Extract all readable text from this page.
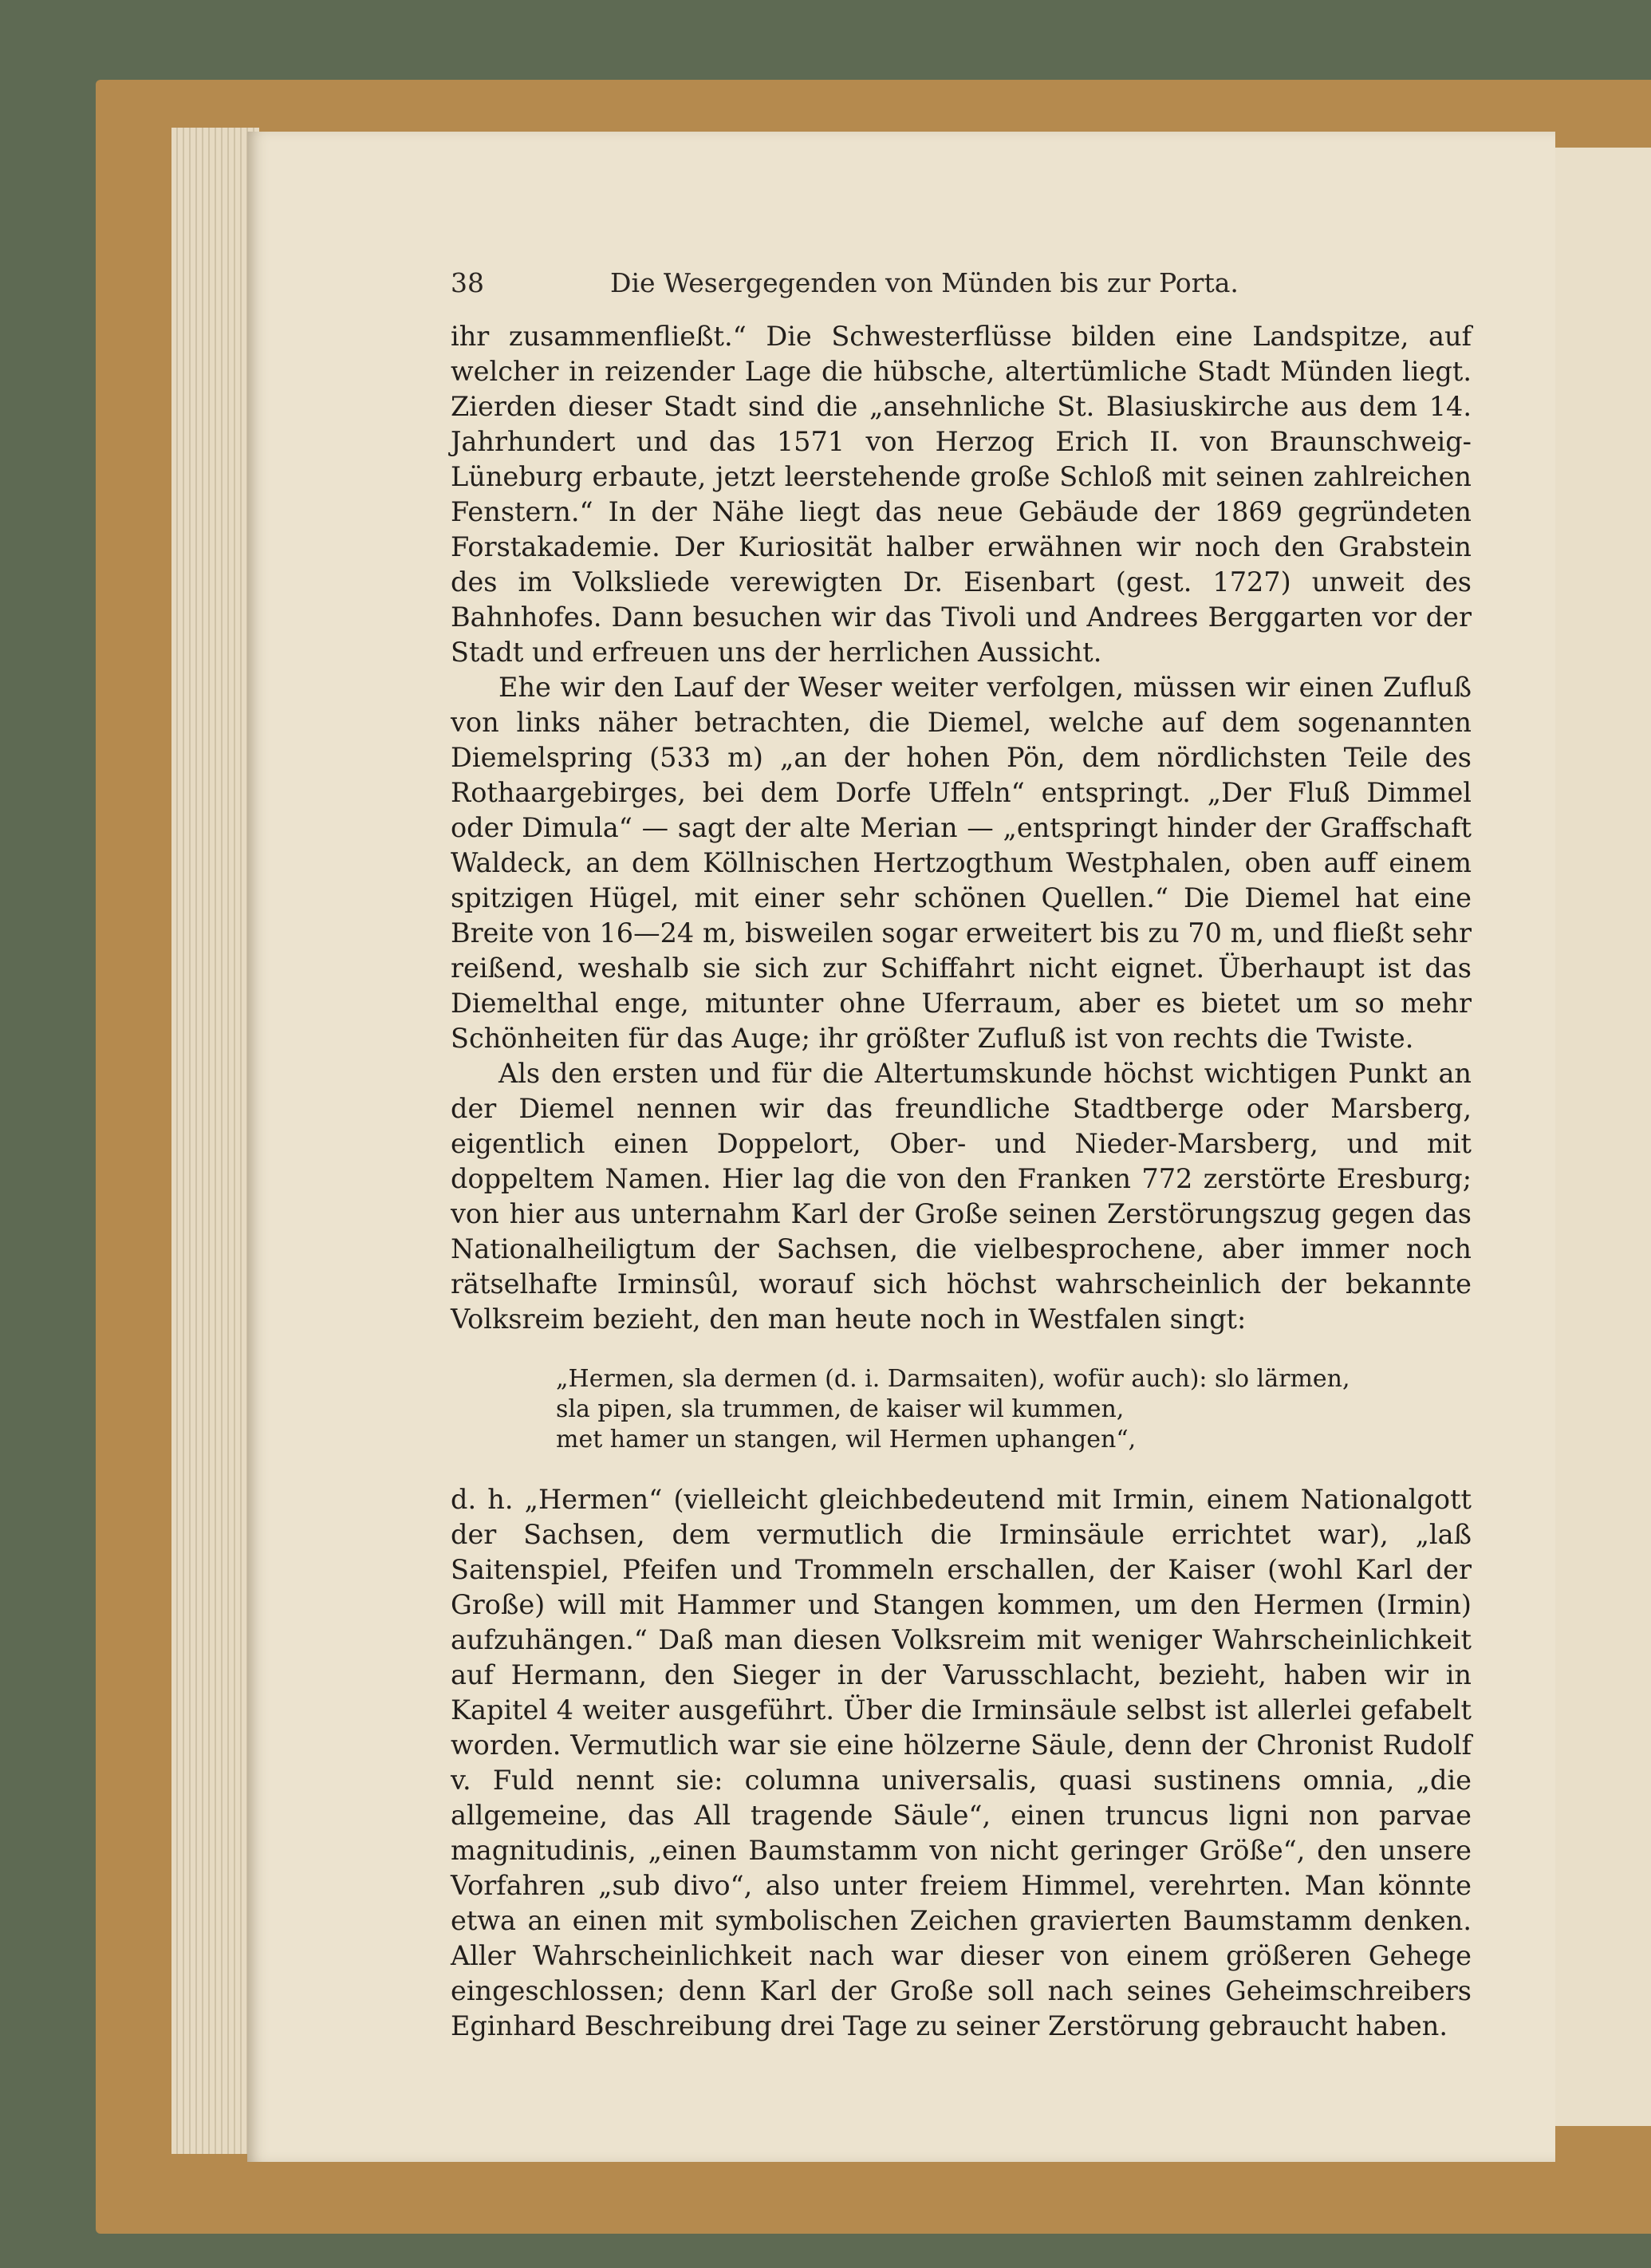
38	Die Wesergegenden von Münden bis zur Porta.

ihr zusammenfließt.“ Die Schwesterflüsse bilden eine Landspitze, auf welcher in reizender Lage die hübsche, altertümliche Stadt Münden liegt. Zierden dieser Stadt sind die „ansehnliche St. Blasiuskirche aus dem 14. Jahrhundert und das 1571 von Herzog Erich II. von Braunschweig-Lüneburg erbaute, jetzt leerstehende große Schloß mit seinen zahlreichen Fenstern.“ In der Nähe liegt das neue Gebäude der 1869 gegründeten Forstakademie. Der Kuriosität halber erwähnen wir noch den Grabstein des im Volksliede verewigten Dr. Eisenbart (gest. 1727) unweit des Bahnhofes. Dann besuchen wir das Tivoli und Andrees Berggarten vor der Stadt und erfreuen uns der herrlichen Aussicht.

Ehe wir den Lauf der Weser weiter verfolgen, müssen wir einen Zufluß von links näher betrachten, die Diemel, welche auf dem sogenannten Diemelspring (533 m) „an der hohen Pön, dem nördlichsten Teile des Rothaargebirges, bei dem Dorfe Uffeln“ entspringt. „Der Fluß Dimmel oder Dimula“ — sagt der alte Merian — „entspringt hinder der Graffschaft Waldeck, an dem Köllnischen Hertzogthum Westphalen, oben auff einem spitzigen Hügel, mit einer sehr schönen Quellen.“ Die Diemel hat eine Breite von 16—24 m, bisweilen sogar erweitert bis zu 70 m, und fließt sehr reißend, weshalb sie sich zur Schiffahrt nicht eignet. Überhaupt ist das Diemelthal enge, mitunter ohne Uferraum, aber es bietet um so mehr Schönheiten für das Auge; ihr größter Zufluß ist von rechts die Twiste.

Als den ersten und für die Altertumskunde höchst wichtigen Punkt an der Diemel nennen wir das freundliche Stadtberge oder Marsberg, eigentlich einen Doppelort, Ober- und Nieder-Marsberg, und mit doppeltem Namen. Hier lag die von den Franken 772 zerstörte Eresburg; von hier aus unternahm Karl der Große seinen Zerstörungszug gegen das Nationalheiligtum der Sachsen, die vielbesprochene, aber immer noch rätselhafte Irminsûl, worauf sich höchst wahrscheinlich der bekannte Volksreim bezieht, den man heute noch in Westfalen singt:

„Hermen, sla dermen (d. i. Darmsaiten), wofür auch): slo lärmen,
sla pipen, sla trummen, de kaiser wil kummen,
met hamer un stangen, wil Hermen uphangen“,

d. h. „Hermen“ (vielleicht gleichbedeutend mit Irmin, einem Nationalgott der Sachsen, dem vermutlich die Irminsäule errichtet war), „laß Saitenspiel, Pfeifen und Trommeln erschallen, der Kaiser (wohl Karl der Große) will mit Hammer und Stangen kommen, um den Hermen (Irmin) aufzuhängen.“ Daß man diesen Volksreim mit weniger Wahrscheinlichkeit auf Hermann, den Sieger in der Varusschlacht, bezieht, haben wir in Kapitel 4 weiter ausgeführt. Über die Irminsäule selbst ist allerlei gefabelt worden. Vermutlich war sie eine hölzerne Säule, denn der Chronist Rudolf v. Fuld nennt sie: columna universalis, quasi sustinens omnia, „die allgemeine, das All tragende Säule“, einen truncus ligni non parvae magnitudinis, „einen Baumstamm von nicht geringer Größe“, den unsere Vorfahren „sub divo“, also unter freiem Himmel, verehrten. Man könnte etwa an einen mit symbolischen Zeichen gravierten Baumstamm denken. Aller Wahrscheinlichkeit nach war dieser von einem größeren Gehege eingeschlossen; denn Karl der Große soll nach seines Geheimschreibers Eginhard Beschreibung drei Tage zu seiner Zerstörung gebraucht haben.
